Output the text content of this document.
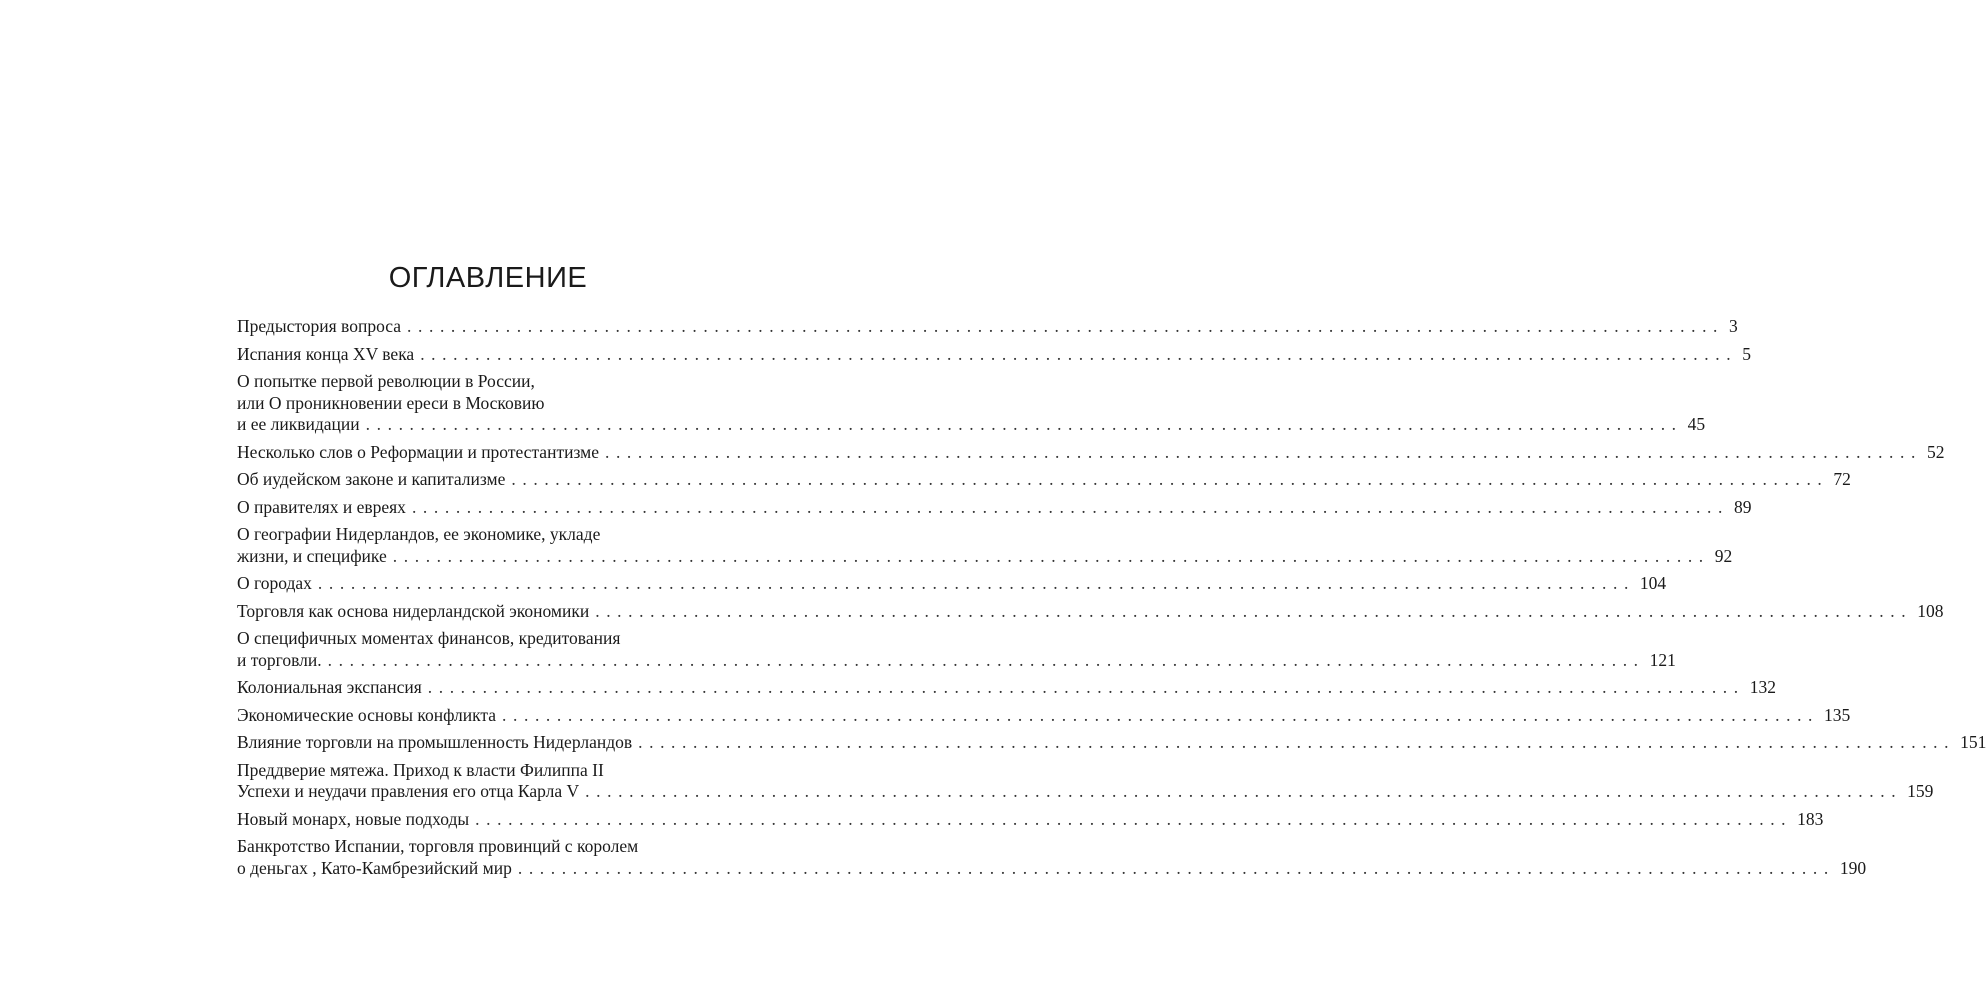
ОГЛАВЛЕНИЕ
Предыстория вопроса ........................................................................................................................ 3
Испания конца XV века ........................................................................................................................ 5
О попытке первой революции в России,
или О проникновении ереси в Московию
и ее ликвидации ........................................................................................................................ 45
Несколько слов о Реформации и протестантизме ........................................................................................................................ 52
Об иудейском законе и капитализме ........................................................................................................................ 72
О правителях и евреях ........................................................................................................................ 89
О географии Нидерландов, ее экономике, укладе
жизни, и специфике ........................................................................................................................ 92
О городах ........................................................................................................................ 104
Торговля как основа нидерландской экономики ........................................................................................................................ 108
О специфичных моментах финансов, кредитования
и торговли. ........................................................................................................................ 121
Колониальная экспансия ........................................................................................................................ 132
Экономические основы конфликта ........................................................................................................................ 135
Влияние торговли на промышленность Нидерландов ........................................................................................................................ 151
Преддверие мятежа. Приход к власти Филиппа II
Успехи и неудачи правления его отца Карла V ........................................................................................................................ 159
Новый монарх, новые подходы ........................................................................................................................ 183
Банкротство Испании, торговля провинций с королем
о деньгах , Като-Камбрезийский мир ........................................................................................................................ 190
